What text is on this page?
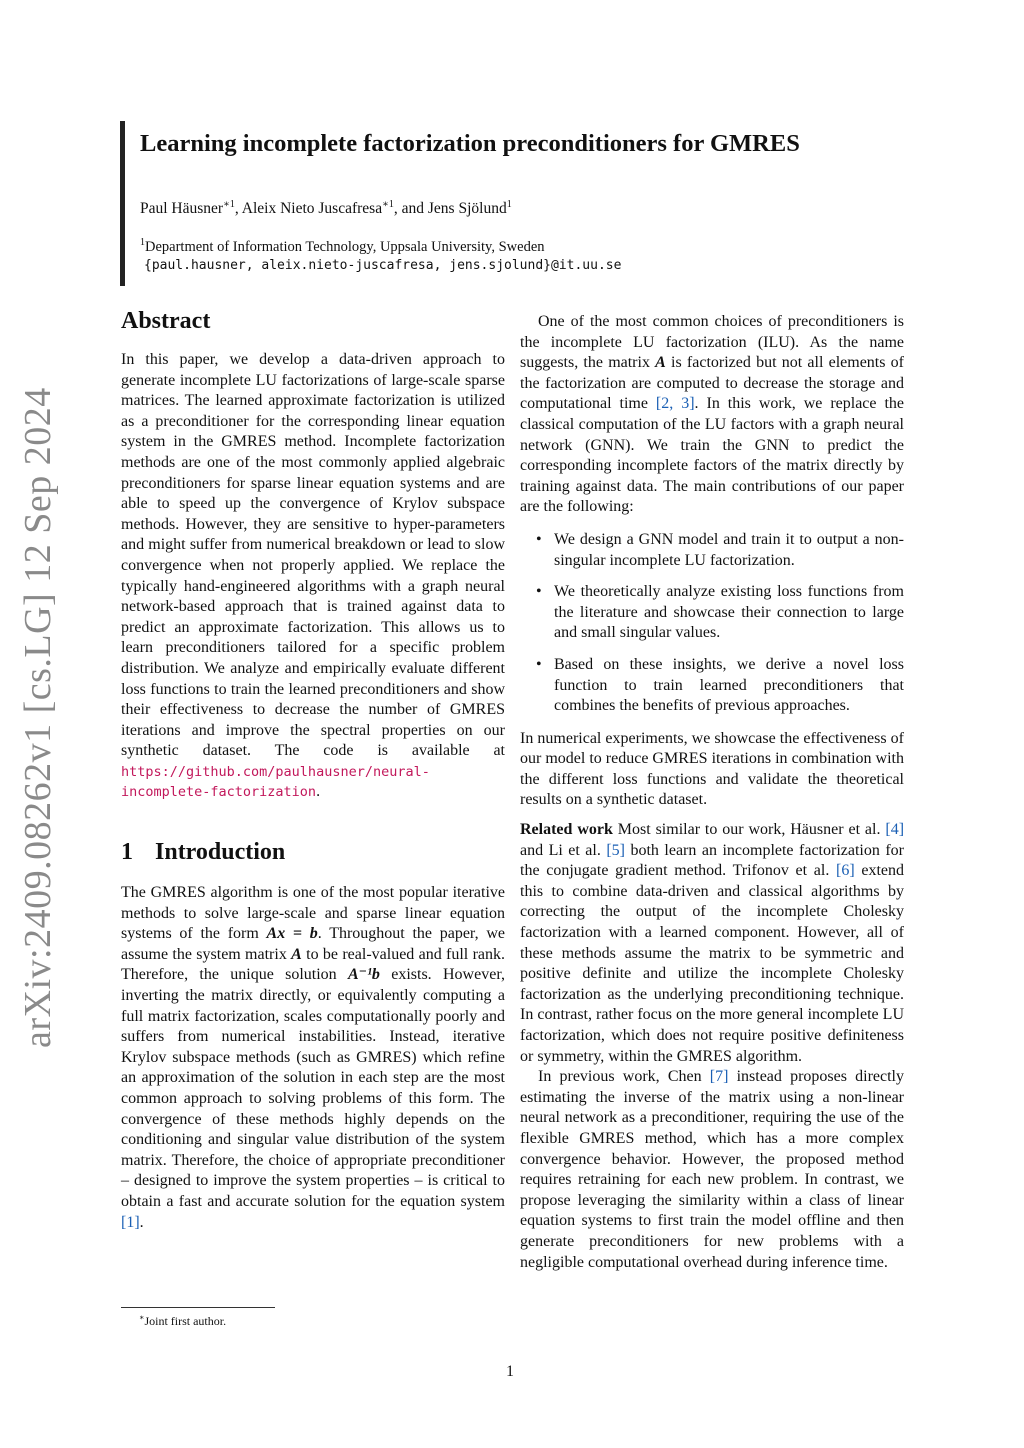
arXiv:2409.08262v1 [cs.LG] 12 Sep 2024
Learning incomplete factorization preconditioners for GMRES
Paul Häusner$^{∗1}$, Aleix Nieto Juscafresa$^{∗1}$, and Jens Sjölund$^1$
$^1$Department of Information Technology, Uppsala University, Sweden
{paul.hausner, aleix.nieto-juscafresa, jens.sjolund}@it.uu.se
Abstract

In this paper, we develop a data-driven approach to generate incomplete LU factorizations of large-scale sparse matrices. The learned approximate factorization is utilized as a preconditioner for the corresponding linear equation system in the GMRES method. Incomplete factorization methods are one of the most commonly applied algebraic preconditioners for sparse linear equation systems and are able to speed up the convergence of Krylov subspace methods. However, they are sensitive to hyper-parameters and might suffer from numerical breakdown or lead to slow convergence when not properly applied. We replace the typically hand-engineered algorithms with a graph neural network-based approach that is trained against data to predict an approximate factorization. This allows us to learn preconditioners tailored for a specific problem distribution. We analyze and empirically evaluate different loss functions to train the learned preconditioners and show their effectiveness to decrease the number of GMRES iterations and improve the spectral properties on our synthetic dataset. The code is available at https://github.com/paulhausner/neural-incomplete-factorization.

1 Introduction

The GMRES algorithm is one of the most popular iterative methods to solve large-scale and sparse linear equation systems of the form Ax = b. Throughout the paper, we assume the system matrix A to be real-valued and full rank. Therefore, the unique solution A⁻¹b exists. However, inverting the matrix directly, or equivalently computing a full matrix factorization, scales computationally poorly and suffers from numerical instabilities. Instead, iterative Krylov subspace methods (such as GMRES) which refine an approximation of the solution in each step are the most common approach to solving problems of this form. The convergence of these methods highly depends on the conditioning and singular value distribution of the system matrix. Therefore, the choice of appropriate preconditioner – designed to improve the system properties – is critical to obtain a fast and accurate solution for the equation system [1].

One of the most common choices of preconditioners is the incomplete LU factorization (ILU). As the name suggests, the matrix A is factorized but not all elements of the factorization are computed to decrease the storage and computational time [2, 3]. In this work, we replace the classical computation of the LU factors with a graph neural network (GNN). We train the GNN to predict the corresponding incomplete factors of the matrix directly by training against data. The main contributions of our paper are the following:

• We design a GNN model and train it to output a non-singular incomplete LU factorization.
• We theoretically analyze existing loss functions from the literature and showcase their connection to large and small singular values.
• Based on these insights, we derive a novel loss function to train learned preconditioners that combines the benefits of previous approaches.

In numerical experiments, we showcase the effectiveness of our model to reduce GMRES iterations in combination with the different loss functions and validate the theoretical results on a synthetic dataset.

Related work Most similar to our work, Häusner et al. [4] and Li et al. [5] both learn an incomplete factorization for the conjugate gradient method. Trifonov et al. [6] extend this to combine data-driven and classical algorithms by correcting the output of the incomplete Cholesky factorization with a learned component. However, all of these methods assume the matrix to be symmetric and positive definite and utilize the incomplete Cholesky factorization as the underlying preconditioning technique. In contrast, rather focus on the more general incomplete LU factorization, which does not require positive definiteness or symmetry, within the GMRES algorithm.

In previous work, Chen [7] instead proposes directly estimating the inverse of the matrix using a non-linear neural network as a preconditioner, requiring the use of the flexible GMRES method, which has a more complex convergence behavior. However, the proposed method requires retraining for each new problem. In contrast, we propose leveraging the similarity within a class of linear equation systems to first train the model offline and then generate preconditioners for new problems with a negligible computational overhead during inference time.

∗Joint first author.
1
